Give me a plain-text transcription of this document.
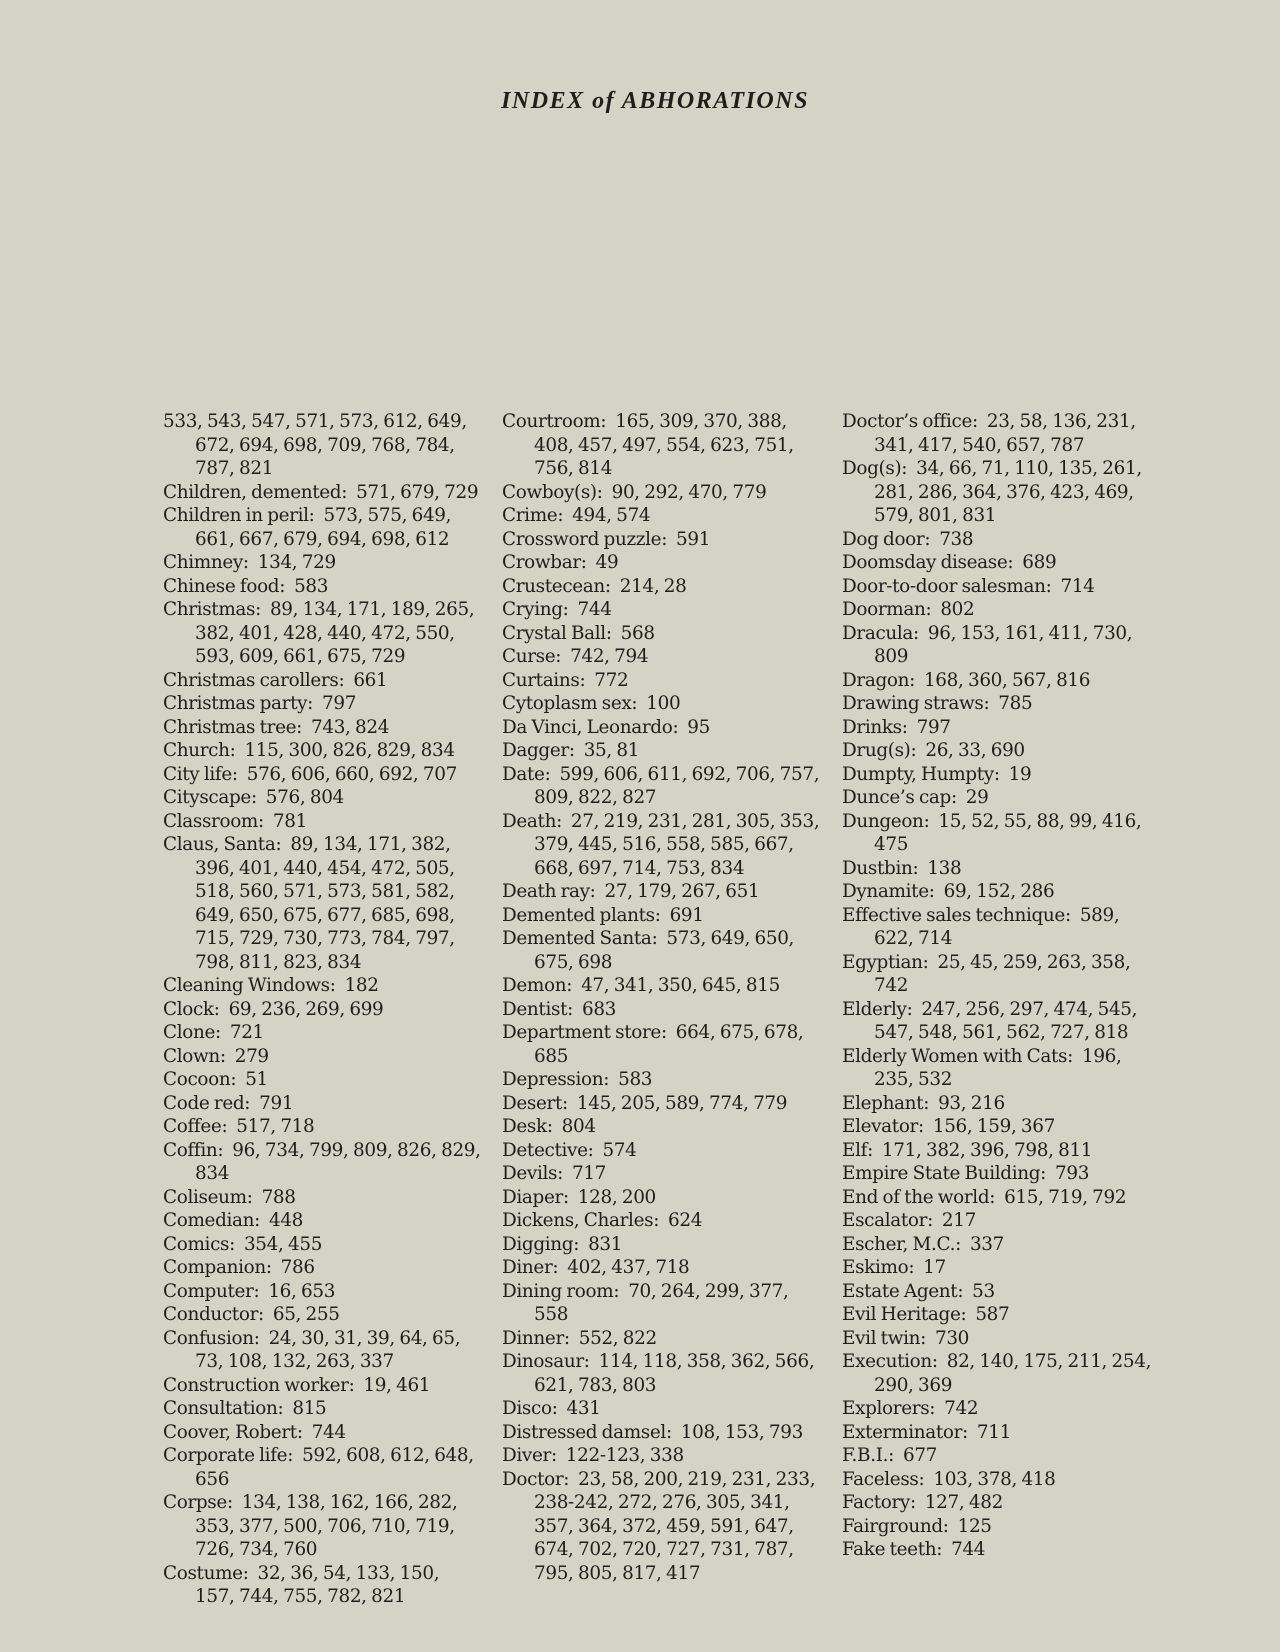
INDEX of ABHORATIONS
533, 543, 547, 571, 573, 612, 649, 672, 694, 698, 709, 768, 784, 787, 821
Children, demented : 571, 679, 729
Children in peril : 573, 575, 649, 661, 667, 679, 694, 698, 612
Chimney : 134, 729
Chinese food : 583
Christmas : 89, 134, 171, 189, 265, 382, 401, 428, 440, 472, 550, 593, 609, 661, 675, 729
Christmas carollers : 661
Christmas party : 797
Christmas tree : 743, 824
Church : 115, 300, 826, 829, 834
City life : 576, 606, 660, 692, 707
Cityscape : 576, 804
Classroom : 781
Claus, Santa : 89, 134, 171, 382, 396, 401, 440, 454, 472, 505, 518, 560, 571, 573, 581, 582, 649, 650, 675, 677, 685, 698, 715, 729, 730, 773, 784, 797, 798, 811, 823, 834
Cleaning Windows : 182
Clock : 69, 236, 269, 699
Clone : 721
Clown : 279
Cocoon : 51
Code red : 791
Coffee : 517, 718
Coffin : 96, 734, 799, 809, 826, 829, 834
Coliseum : 788
Comedian : 448
Comics : 354, 455
Companion : 786
Computer : 16, 653
Conductor : 65, 255
Confusion : 24, 30, 31, 39, 64, 65, 73, 108, 132, 263, 337
Construction worker : 19, 461
Consultation : 815
Coover, Robert : 744
Corporate life : 592, 608, 612, 648, 656
Corpse : 134, 138, 162, 166, 282, 353, 377, 500, 706, 710, 719, 726, 734, 760
Costume : 32, 36, 54, 133, 150, 157, 744, 755, 782, 821
Courtroom : 165, 309, 370, 388, 408, 457, 497, 554, 623, 751, 756, 814
Cowboy(s) : 90, 292, 470, 779
Crime : 494, 574
Crossword puzzle : 591
Crowbar : 49
Crustecean : 214, 28
Crying : 744
Crystal Ball : 568
Curse : 742, 794
Curtains : 772
Cytoplasm sex : 100
Da Vinci, Leonardo : 95
Dagger : 35, 81
Date : 599, 606, 611, 692, 706, 757, 809, 822, 827
Death : 27, 219, 231, 281, 305, 353, 379, 445, 516, 558, 585, 667, 668, 697, 714, 753, 834
Death ray : 27, 179, 267, 651
Demented plants : 691
Demented Santa : 573, 649, 650, 675, 698
Demon : 47, 341, 350, 645, 815
Dentist : 683
Department store : 664, 675, 678, 685
Depression : 583
Desert : 145, 205, 589, 774, 779
Desk : 804
Detective : 574
Devils : 717
Diaper : 128, 200
Dickens, Charles : 624
Digging : 831
Diner : 402, 437, 718
Dining room : 70, 264, 299, 377, 558
Dinner : 552, 822
Dinosaur : 114, 118, 358, 362, 566, 621, 783, 803
Disco : 431
Distressed damsel : 108, 153, 793
Diver : 122-123, 338
Doctor : 23, 58, 200, 219, 231, 233, 238-242, 272, 276, 305, 341, 357, 364, 372, 459, 591, 647, 674, 702, 720, 727, 731, 787, 795, 805, 817, 417
Doctor’s office : 23, 58, 136, 231, 341, 417, 540, 657, 787
Dog(s) : 34, 66, 71, 110, 135, 261, 281, 286, 364, 376, 423, 469, 579, 801, 831
Dog door : 738
Doomsday disease : 689
Door-to-door salesman : 714
Doorman : 802
Dracula : 96, 153, 161, 411, 730, 809
Dragon : 168, 360, 567, 816
Drawing straws : 785
Drinks : 797
Drug(s) : 26, 33, 690
Dumpty, Humpty : 19
Dunce’s cap : 29
Dungeon : 15, 52, 55, 88, 99, 416, 475
Dustbin : 138
Dynamite : 69, 152, 286
Effective sales technique : 589, 622, 714
Egyptian : 25, 45, 259, 263, 358, 742
Elderly : 247, 256, 297, 474, 545, 547, 548, 561, 562, 727, 818
Elderly Women with Cats : 196, 235, 532
Elephant : 93, 216
Elevator : 156, 159, 367
Elf : 171, 382, 396, 798, 811
Empire State Building : 793
End of the world : 615, 719, 792
Escalator : 217
Escher, M.C. : 337
Eskimo : 17
Estate Agent : 53
Evil Heritage : 587
Evil twin : 730
Execution : 82, 140, 175, 211, 254, 290, 369
Explorers : 742
Exterminator : 711
F.B.I. : 677
Faceless : 103, 378, 418
Factory : 127, 482
Fairground : 125
Fake teeth : 744
